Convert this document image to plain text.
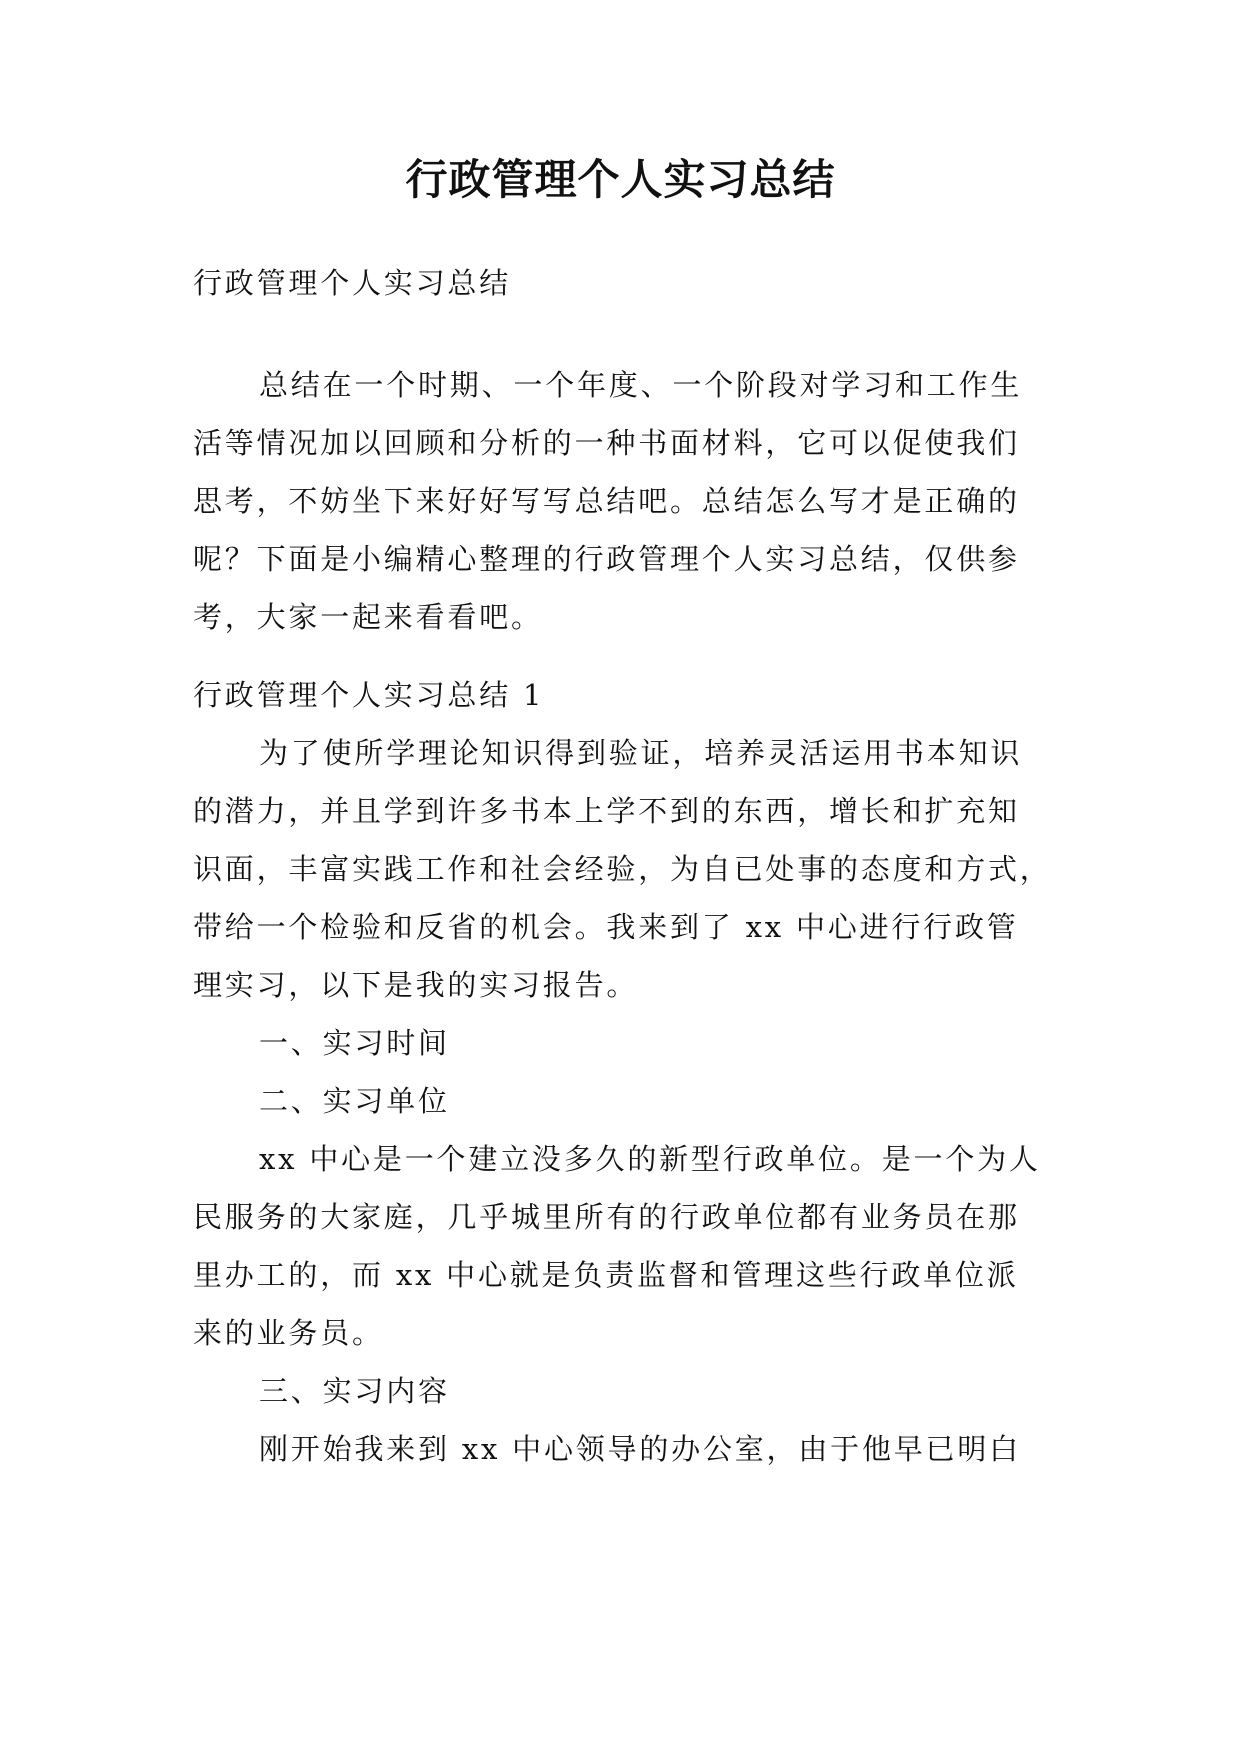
行政管理个人实习总结

行政管理个人实习总结

总结在一个时期、一个年度、一个阶段对学习和工作生
活等情况加以回顾和分析的一种书面材料，它可以促使我们
思考，不妨坐下来好好写写总结吧。总结怎么写才是正确的
呢？下面是小编精心整理的行政管理个人实习总结，仅供参
考，大家一起来看看吧。

行政管理个人实习总结 1

为了使所学理论知识得到验证，培养灵活运用书本知识
的潜力，并且学到许多书本上学不到的东西，增长和扩充知
识面，丰富实践工作和社会经验，为自已处事的态度和方式，
带给一个检验和反省的机会。我来到了 xx 中心进行行政管
理实习，以下是我的实习报告。

一、实习时间

二、实习单位

xx 中心是一个建立没多久的新型行政单位。是一个为人
民服务的大家庭，几乎城里所有的行政单位都有业务员在那
里办工的，而 xx 中心就是负责监督和管理这些行政单位派
来的业务员。

三、实习内容

刚开始我来到 xx 中心领导的办公室，由于他早已明白
